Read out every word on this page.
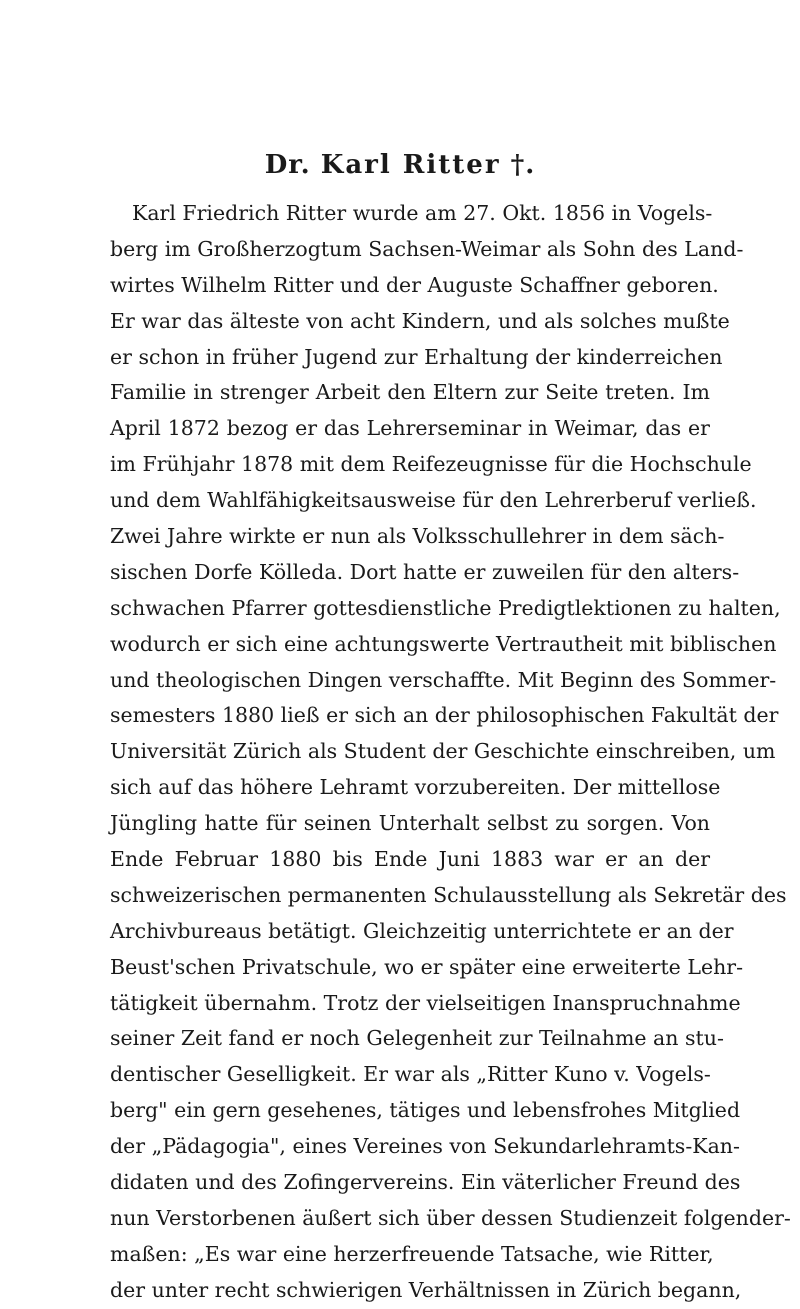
Dr. Karl Ritter †.
Karl Friedrich Ritter wurde am 27. Okt. 1856 in Vogels-
berg im Großherzogtum Sachsen-Weimar als Sohn des Land-
wirtes Wilhelm Ritter und der Auguste Schaffner geboren.
Er war das älteste von acht Kindern, und als solches mußte
er schon in früher Jugend zur Erhaltung der kinderreichen
Familie in strenger Arbeit den Eltern zur Seite treten. Im
April 1872 bezog er das Lehrerseminar in Weimar, das er
im Frühjahr 1878 mit dem Reifezeugnisse für die Hochschule
und dem Wahlfähigkeitsausweise für den Lehrerberuf verließ.
Zwei Jahre wirkte er nun als Volksschullehrer in dem säch-
sischen Dorfe Kölleda. Dort hatte er zuweilen für den alters-
schwachen Pfarrer gottesdienstliche Predigtlektionen zu halten,
wodurch er sich eine achtungswerte Vertrautheit mit biblischen
und theologischen Dingen verschaffte. Mit Beginn des Sommer-
semesters 1880 ließ er sich an der philosophischen Fakultät der
Universität Zürich als Student der Geschichte einschreiben, um
sich auf das höhere Lehramt vorzubereiten. Der mittellose
Jüngling hatte für seinen Unterhalt selbst zu sorgen. Von
Ende Februar 1880 bis Ende Juni 1883 war er an der
schweizerischen permanenten Schulausstellung als Sekretär des
Archivbureaus betätigt. Gleichzeitig unterrichtete er an der
Beust'schen Privatschule, wo er später eine erweiterte Lehr-
tätigkeit übernahm. Trotz der vielseitigen Inanspruchnahme
seiner Zeit fand er noch Gelegenheit zur Teilnahme an stu-
dentischer Geselligkeit. Er war als „Ritter Kuno v. Vogels-
berg" ein gern gesehenes, tätiges und lebensfrohes Mitglied
der „Pädagogia", eines Vereines von Sekundarlehramts-Kan-
didaten und des Zofingervereins. Ein väterlicher Freund des
nun Verstorbenen äußert sich über dessen Studienzeit folgender-
maßen: „Es war eine herzerfreuende Tatsache, wie Ritter,
der unter recht schwierigen Verhältnissen in Zürich begann,
